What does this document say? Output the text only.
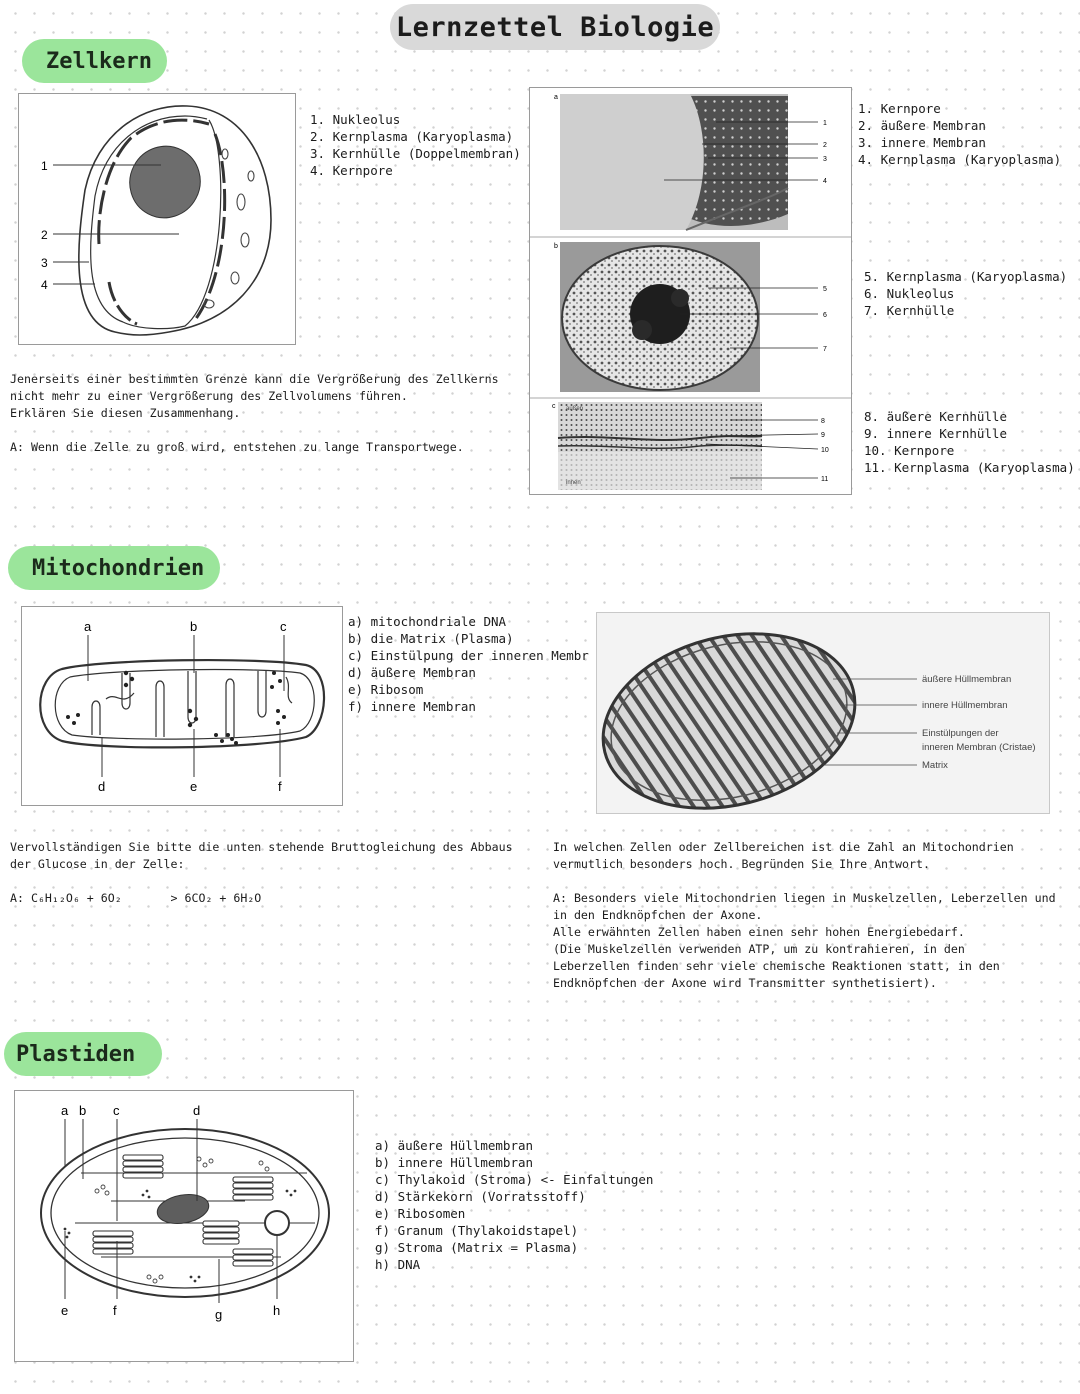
Lernzettel Biologie
Zellkern
1
2
3
4
1. Nukleolus
2. Kernplasma (Karyoplasma)
3. Kernhülle (Doppelmembran)
4. Kernpore
a
1
2
3
4
b
5
6
7
c außen
innen
8
9
10
11
1. Kernpore
2. äußere Membran
3. innere Membran
4. Kernplasma (Karyoplasma)
5. Kernplasma (Karyoplasma)
6. Nukleolus
7. Kernhülle
8. äußere Kernhülle
9. innere Kernhülle
10. Kernpore
11. Kernplasma (Karyoplasma)

Jenerseits einer bestimmten Grenze kann die Vergrößerung des Zellkerns

nicht mehr zu einer Vergrößerung des Zellvolumens führen.

Erklären Sie diesen Zusammenhang.

A: Wenn die Zelle zu groß wird, entstehen zu lange Transportwege.

Mitochondrien
a	b	c
d	e	f
a) mitochondriale DNA
b) die Matrix (Plasma)
c) Einstülpung der inneren Membr
d) äußere Membran
e) Ribosom
f) innere Membran
äußere Hüllmembran
innere Hüllmembran
Einstülpungen der
inneren Membran (Cristae)
Matrix

Vervollständigen Sie bitte die unten stehende Bruttogleichung des Abbaus

der Glucose in der Zelle:

A: C₆H₁₂O₆ + 6O₂       > 6CO₂ + 6H₂O

In welchen Zellen oder Zellbereichen ist die Zahl an Mitochondrien

vermutlich besonders hoch. Begründen Sie Ihre Antwort.

A: Besonders viele Mitochondrien liegen in Muskelzellen, Leberzellen und

in den Endknöpfchen der Axone.

Alle erwähnten Zellen haben einen sehr hohen Energiebedarf.

(Die Muskelzellen verwenden ATP, um zu kontrahieren, in den

Leberzellen finden sehr viele chemische Reaktionen statt, in den

Endknöpfchen der Axone wird Transmitter synthetisiert).

Plastiden
a b c	d
e	f	g	h
a) äußere Hüllmembran
b) innere Hüllmembran
c) Thylakoid (Stroma) <- Einfaltungen
d) Stärkekorn (Vorratsstoff)
e) Ribosomen
f) Granum (Thylakoidstapel)
g) Stroma (Matrix = Plasma)
h) DNA
